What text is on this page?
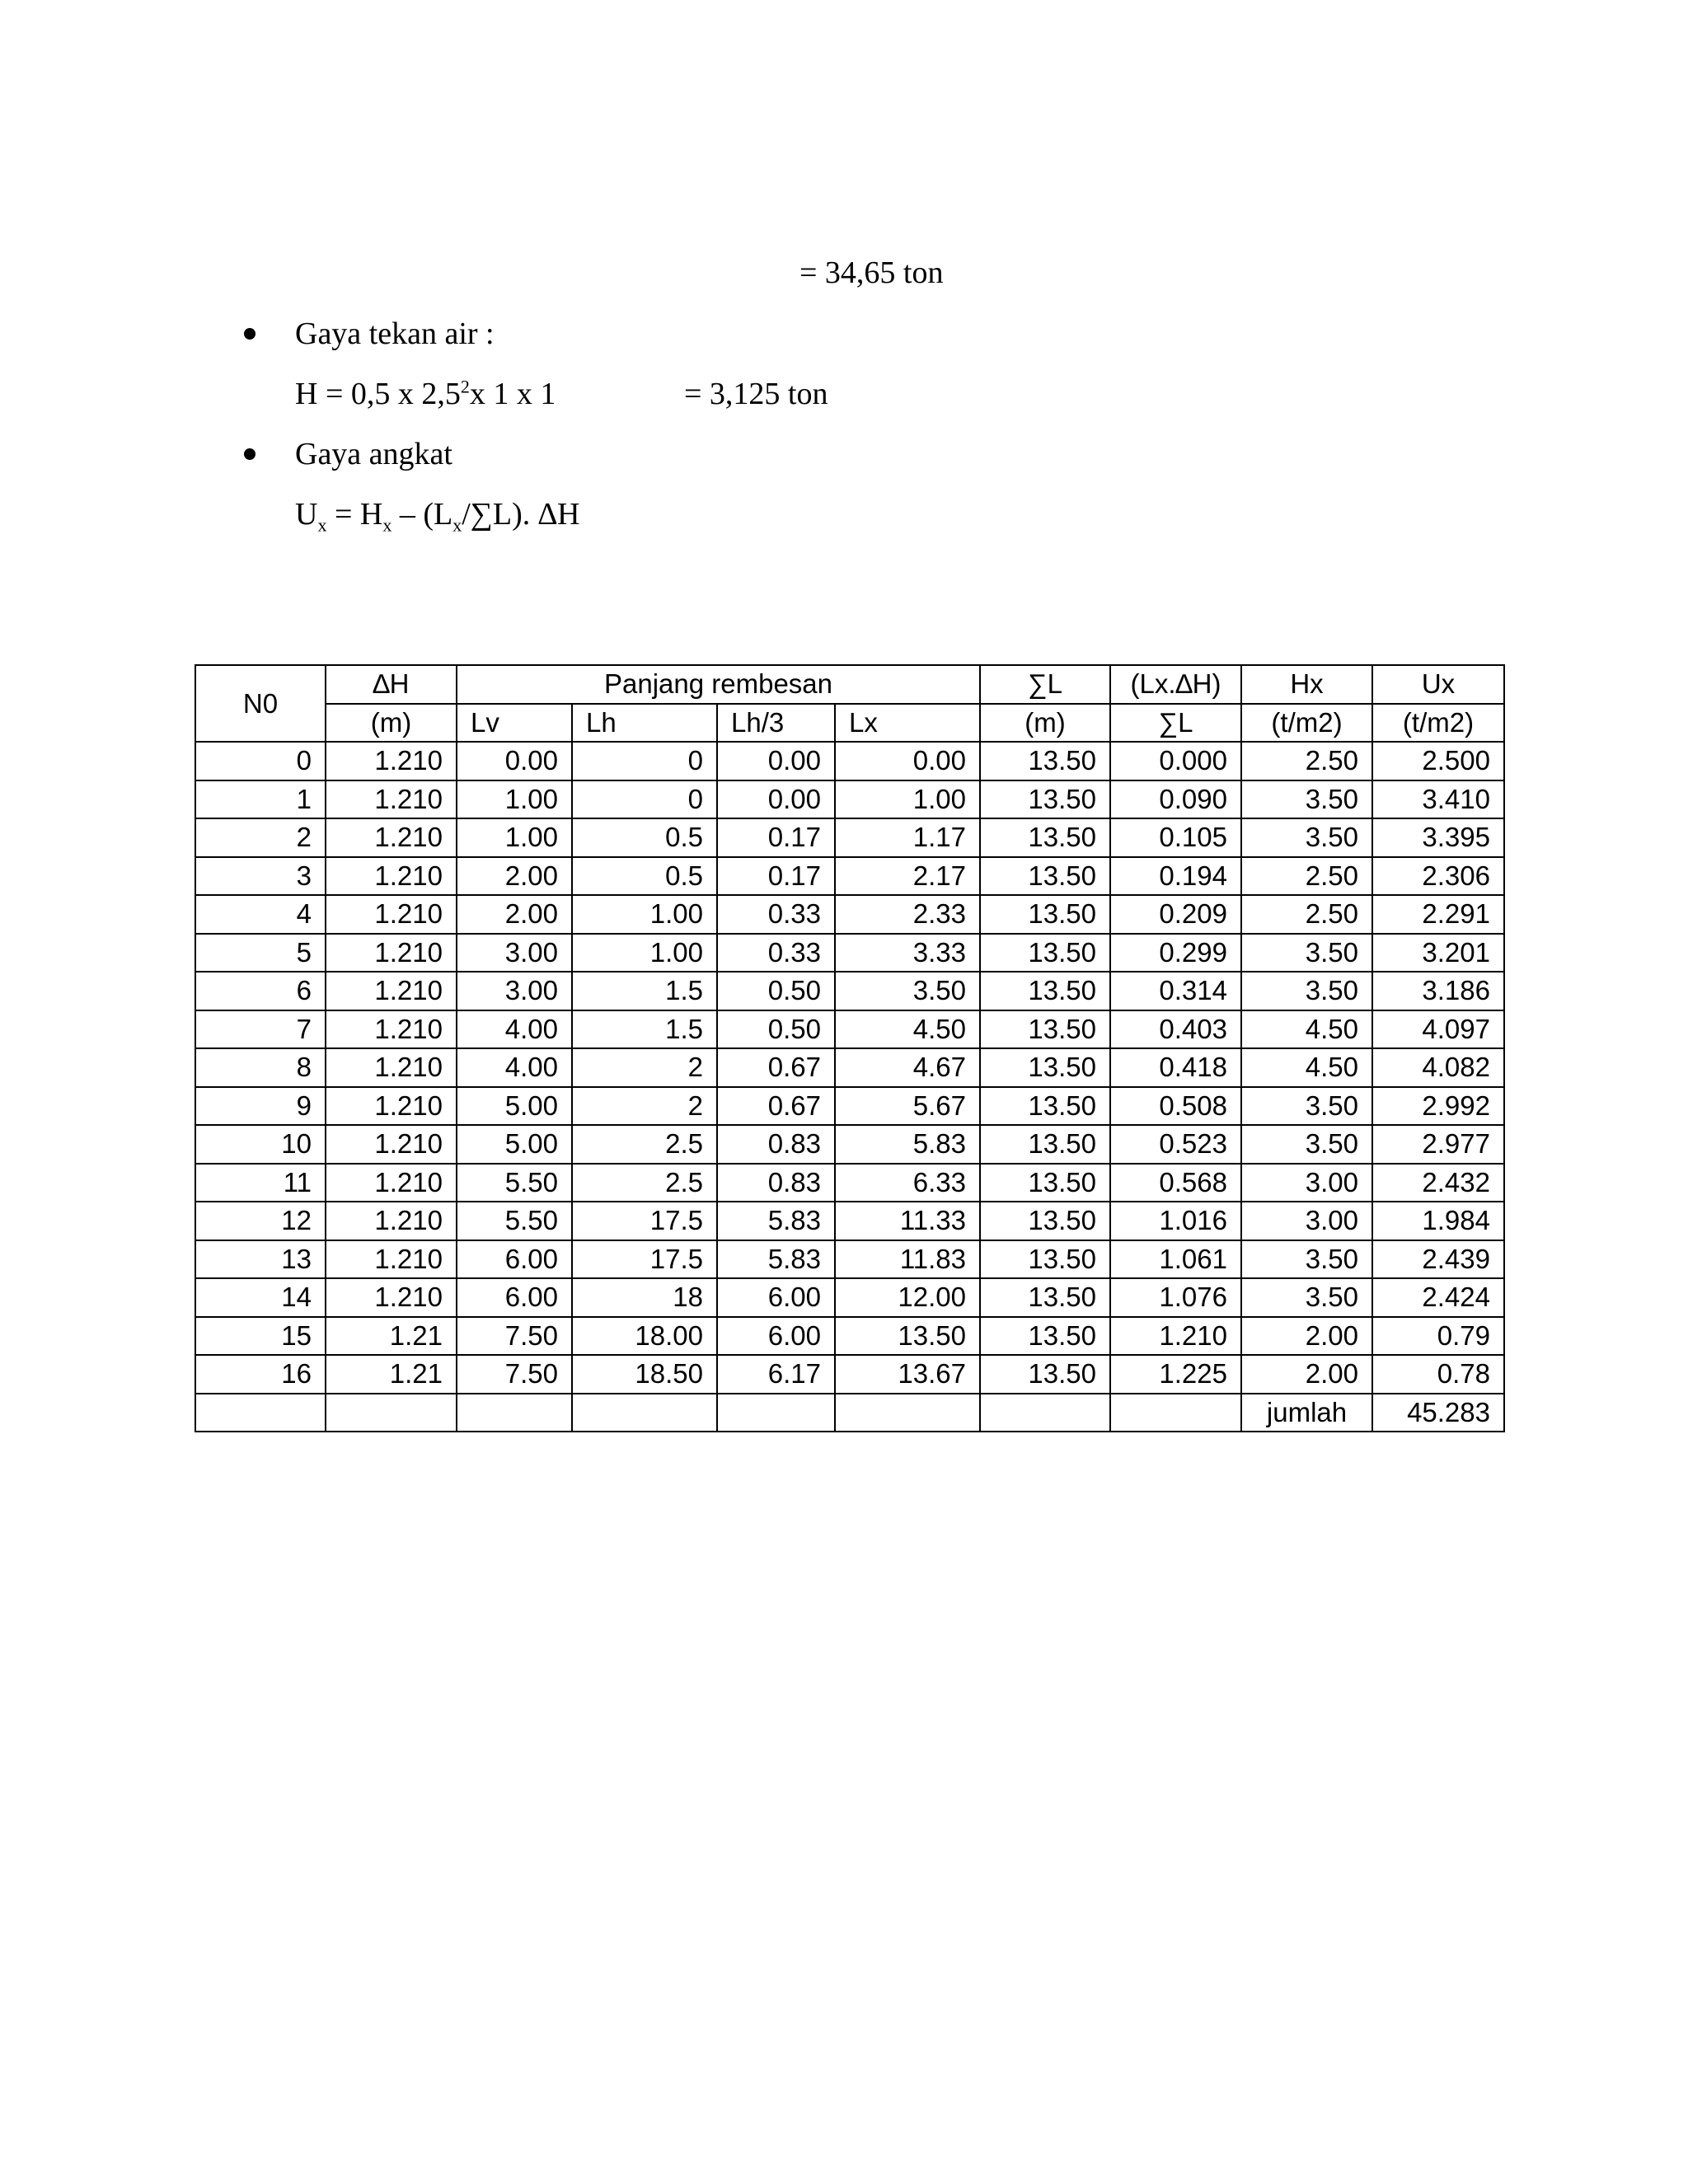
= 34,65 ton
Gaya tekan air :
H = 0,5 x $2,5^2x$ 1 x 1	= 3,125 ton
Gaya angkat
$U_x = H_x - (L_x/\sum L)$. ∆H
N0	∆H	Panjang rembesan				∑L	(Lx.∆H)	Hx	Ux
	(m)	Lv	Lh	Lh/3	Lx	(m)	∑L	(t/m2)	(t/m2)
0	1.210	0.00	0	0.00	0.00	13.50	0.000	2.50	2.500
1	1.210	1.00	0	0.00	1.00	13.50	0.090	3.50	3.410
2	1.210	1.00	0.5	0.17	1.17	13.50	0.105	3.50	3.395
3	1.210	2.00	0.5	0.17	2.17	13.50	0.194	2.50	2.306
4	1.210	2.00	1.00	0.33	2.33	13.50	0.209	2.50	2.291
5	1.210	3.00	1.00	0.33	3.33	13.50	0.299	3.50	3.201
6	1.210	3.00	1.5	0.50	3.50	13.50	0.314	3.50	3.186
7	1.210	4.00	1.5	0.50	4.50	13.50	0.403	4.50	4.097
8	1.210	4.00	2	0.67	4.67	13.50	0.418	4.50	4.082
9	1.210	5.00	2	0.67	5.67	13.50	0.508	3.50	2.992
10	1.210	5.00	2.5	0.83	5.83	13.50	0.523	3.50	2.977
11	1.210	5.50	2.5	0.83	6.33	13.50	0.568	3.00	2.432
12	1.210	5.50	17.5	5.83	11.33	13.50	1.016	3.00	1.984
13	1.210	6.00	17.5	5.83	11.83	13.50	1.061	3.50	2.439
14	1.210	6.00	18	6.00	12.00	13.50	1.076	3.50	2.424
15	1.21	7.50	18.00	6.00	13.50	13.50	1.210	2.00	0.79
16	1.21	7.50	18.50	6.17	13.67	13.50	1.225	2.00	0.78
								jumlah	45.283
